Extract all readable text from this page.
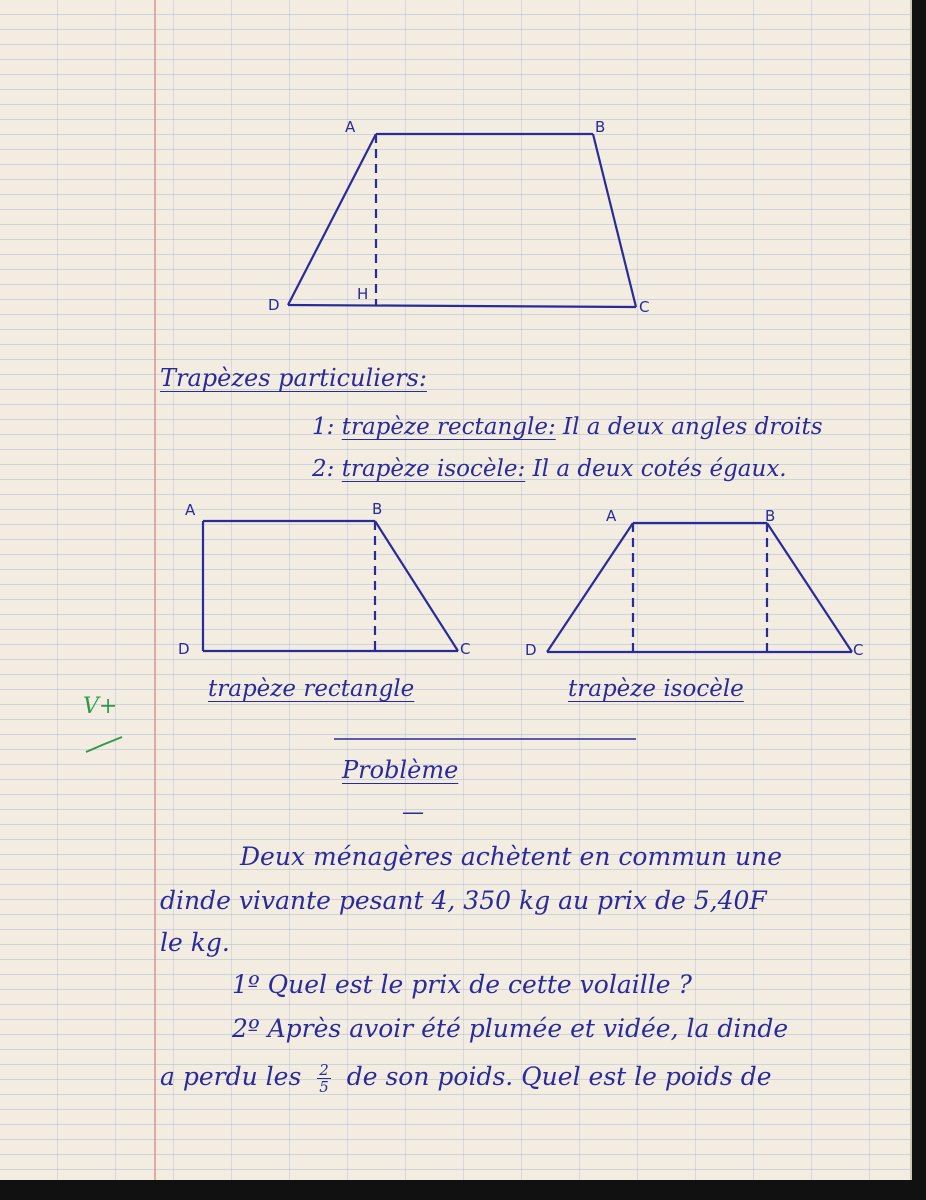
A	B
C
D
H
A	B
C
D
A	B
C
D
Trapèzes particuliers:
1: trapèze rectangle: Il a deux angles droits
2: trapèze isocèle: Il a deux cotés égaux.
trapèze rectangle	trapèze isocèle
V+
Problème
—
Deux ménagères achètent en commun une
dinde vivante pesant 4, 350 kg au prix de 5,40F
le kg.
1º Quel est le prix de cette volaille ?
2º Après avoir été plumée et vidée, la dinde
a perdu les $\frac{2}{5}$ de son poids. Quel est le poids de
